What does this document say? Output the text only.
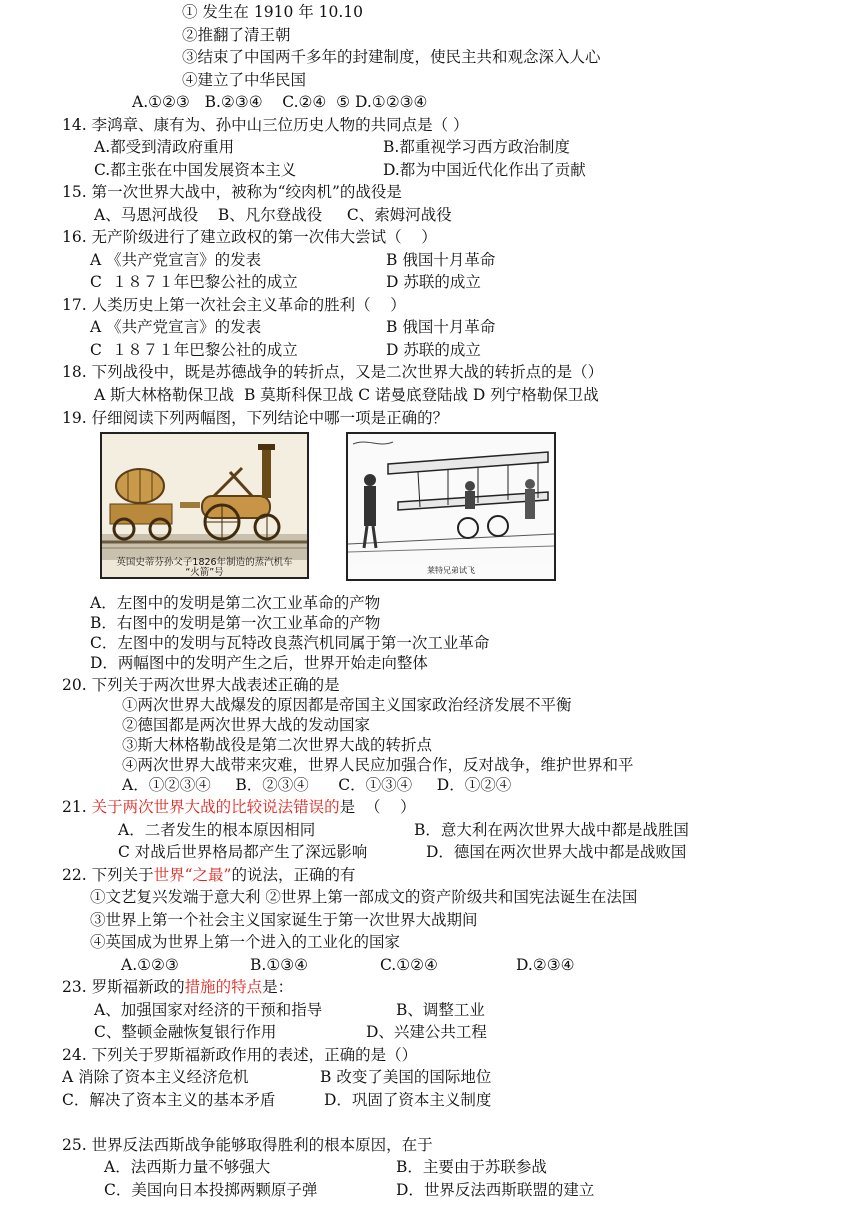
① 发生在 1910 年 10.10
②推翻了清王朝
③结束了中国两千多年的封建制度，使民主共和观念深入人心
④建立了中华民国
A.①②③   B.②③④    C.②④  ⑤ D.①②③④
14. 李鸿章、康有为、孙中山三位历史人物的共同点是（ ）
A.都受到清政府重用	B.都重视学习西方政治制度
C.都主张在中国发展资本主义	D.都为中国近代化作出了贡献
15. 第一次世界大战中，被称为“绞肉机”的战役是
A、马恩河战役    B、凡尔登战役     C、索姆河战役
16. 无产阶级进行了建立政权的第一次伟大尝试（    ）
A 《共产党宣言》的发表	B 俄国十月革命
C  １８７１年巴黎公社的成立	D 苏联的成立
17. 人类历史上第一次社会主义革命的胜利（    ）
A 《共产党宣言》的发表	B 俄国十月革命
C  １８７１年巴黎公社的成立	D 苏联的成立
18. 下列战役中，既是苏德战争的转折点，又是二次世界大战的转折点的是（）
A 斯大林格勒保卫战  B 莫斯科保卫战 C 诺曼底登陆战 D 列宁格勒保卫战
19. 仔细阅读下列两幅图，下列结论中哪一项是正确的？
英国史蒂芬孙父子1826年制造的蒸汽机车
“火箭”号	莱特兄弟试飞
A．左图中的发明是第二次工业革命的产物
B．右图中的发明是第一次工业革命的产物
C．左图中的发明与瓦特改良蒸汽机同属于第一次工业革命
D．两幅图中的发明产生之后，世界开始走向整体
20. 下列关于两次世界大战表述正确的是
①两次世界大战爆发的原因都是帝国主义国家政治经济发展不平衡
②德国都是两次世界大战的发动国家
③斯大林格勒战役是第二次世界大战的转折点
④两次世界大战带来灾难，世界人民应加强合作，反对战争，维护世界和平
A．①②③④     B．②③④      C．①③④     D．①②④
21. 关于两次世界大战的比较说法错误的是  （    ）
A．二者发生的根本原因相同	B．意大利在两次世界大战中都是战胜国
C 对战后世界格局都产生了深远影响	D．德国在两次世界大战中都是战败国
22. 下列关于世界“之最”的说法，正确的有
①文艺复兴发端于意大利 ②世界上第一部成文的资产阶级共和国宪法诞生在法国
③世界上第一个社会主义国家诞生于第一次世界大战期间
④英国成为世界上第一个进入的工业化的国家
A.①②③	B.①③④	C.①②④	D.②③④
23. 罗斯福新政的措施的特点是：
A、加强国家对经济的干预和指导	B、调整工业
C、整顿金融恢复银行作用	D、兴建公共工程
24. 下列关于罗斯福新政作用的表述，正确的是（）
A 消除了资本主义经济危机	B 改变了美国的国际地位
C．解决了资本主义的基本矛盾	D．巩固了资本主义制度
25. 世界反法西斯战争能够取得胜利的根本原因，在于
A．法西斯力量不够强大	B．主要由于苏联参战
C．美国向日本投掷两颗原子弹	D．世界反法西斯联盟的建立
